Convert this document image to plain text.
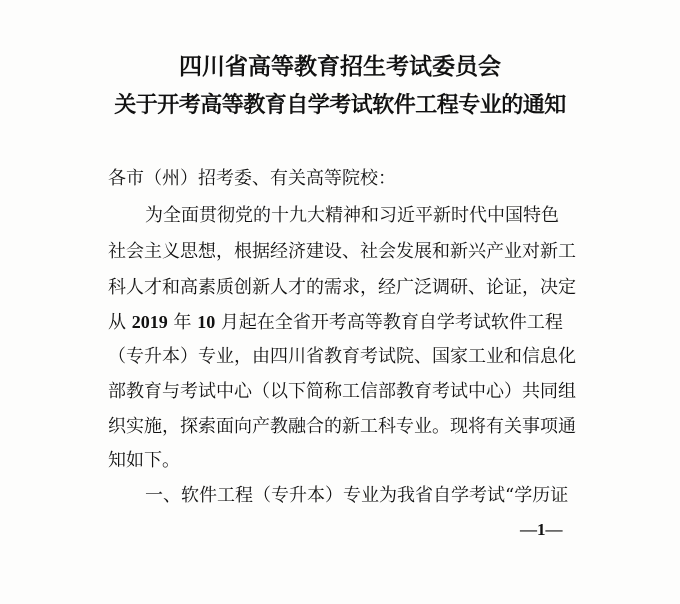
四川省高等教育招生考试委员会
关于开考高等教育自学考试软件工程专业的通知
各市（州）招考委、有关高等院校：
为全面贯彻党的十九大精神和习近平新时代中国特色
社会主义思想，根据经济建设、社会发展和新兴产业对新工
科人才和高素质创新人才的需求，经广泛调研、论证，决定
从 2019 年 10 月起在全省开考高等教育自学考试软件工程
（专升本）专业，由四川省教育考试院、国家工业和信息化
部教育与考试中心（以下简称工信部教育考试中心）共同组
织实施，探索面向产教融合的新工科专业。现将有关事项通
知如下。
一、软件工程（专升本）专业为我省自学考试“学历证
—1—
